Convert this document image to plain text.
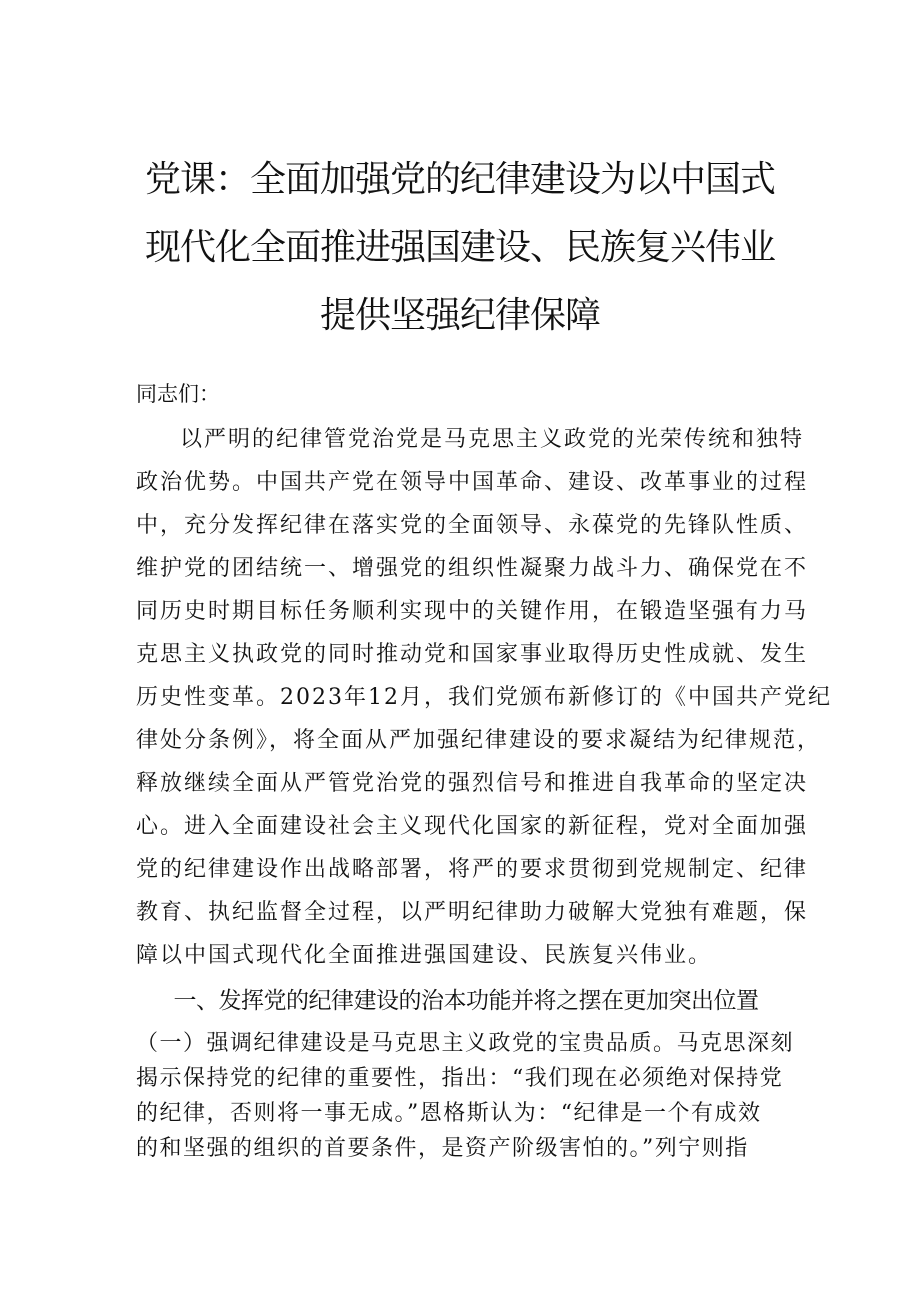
党课：全面加强党的纪律建设为以中国式
现代化全面推进强国建设、民族复兴伟业
提供坚强纪律保障

同志们：

以严明的纪律管党治党是马克思主义政党的光荣传统和独特
政治优势。中国共产党在领导中国革命、建设、改革事业的过程
中，充分发挥纪律在落实党的全面领导、永葆党的先锋队性质、
维护党的团结统一、增强党的组织性凝聚力战斗力、确保党在不
同历史时期目标任务顺利实现中的关键作用，在锻造坚强有力马
克思主义执政党的同时推动党和国家事业取得历史性成就、发生
历史性变革。2023年12月，我们党颁布新修订的《中国共产党纪
律处分条例》，将全面从严加强纪律建设的要求凝结为纪律规范，
释放继续全面从严管党治党的强烈信号和推进自我革命的坚定决
心。进入全面建设社会主义现代化国家的新征程，党对全面加强
党的纪律建设作出战略部署，将严的要求贯彻到党规制定、纪律
教育、执纪监督全过程，以严明纪律助力破解大党独有难题，保
障以中国式现代化全面推进强国建设、民族复兴伟业。

一、发挥党的纪律建设的治本功能并将之摆在更加突出位置

（一）强调纪律建设是马克思主义政党的宝贵品质。马克思深刻
揭示保持党的纪律的重要性，指出：“我们现在必须绝对保持党
的纪律，否则将一事无成。”恩格斯认为：“纪律是一个有成效
的和坚强的组织的首要条件，是资产阶级害怕的。”列宁则指
